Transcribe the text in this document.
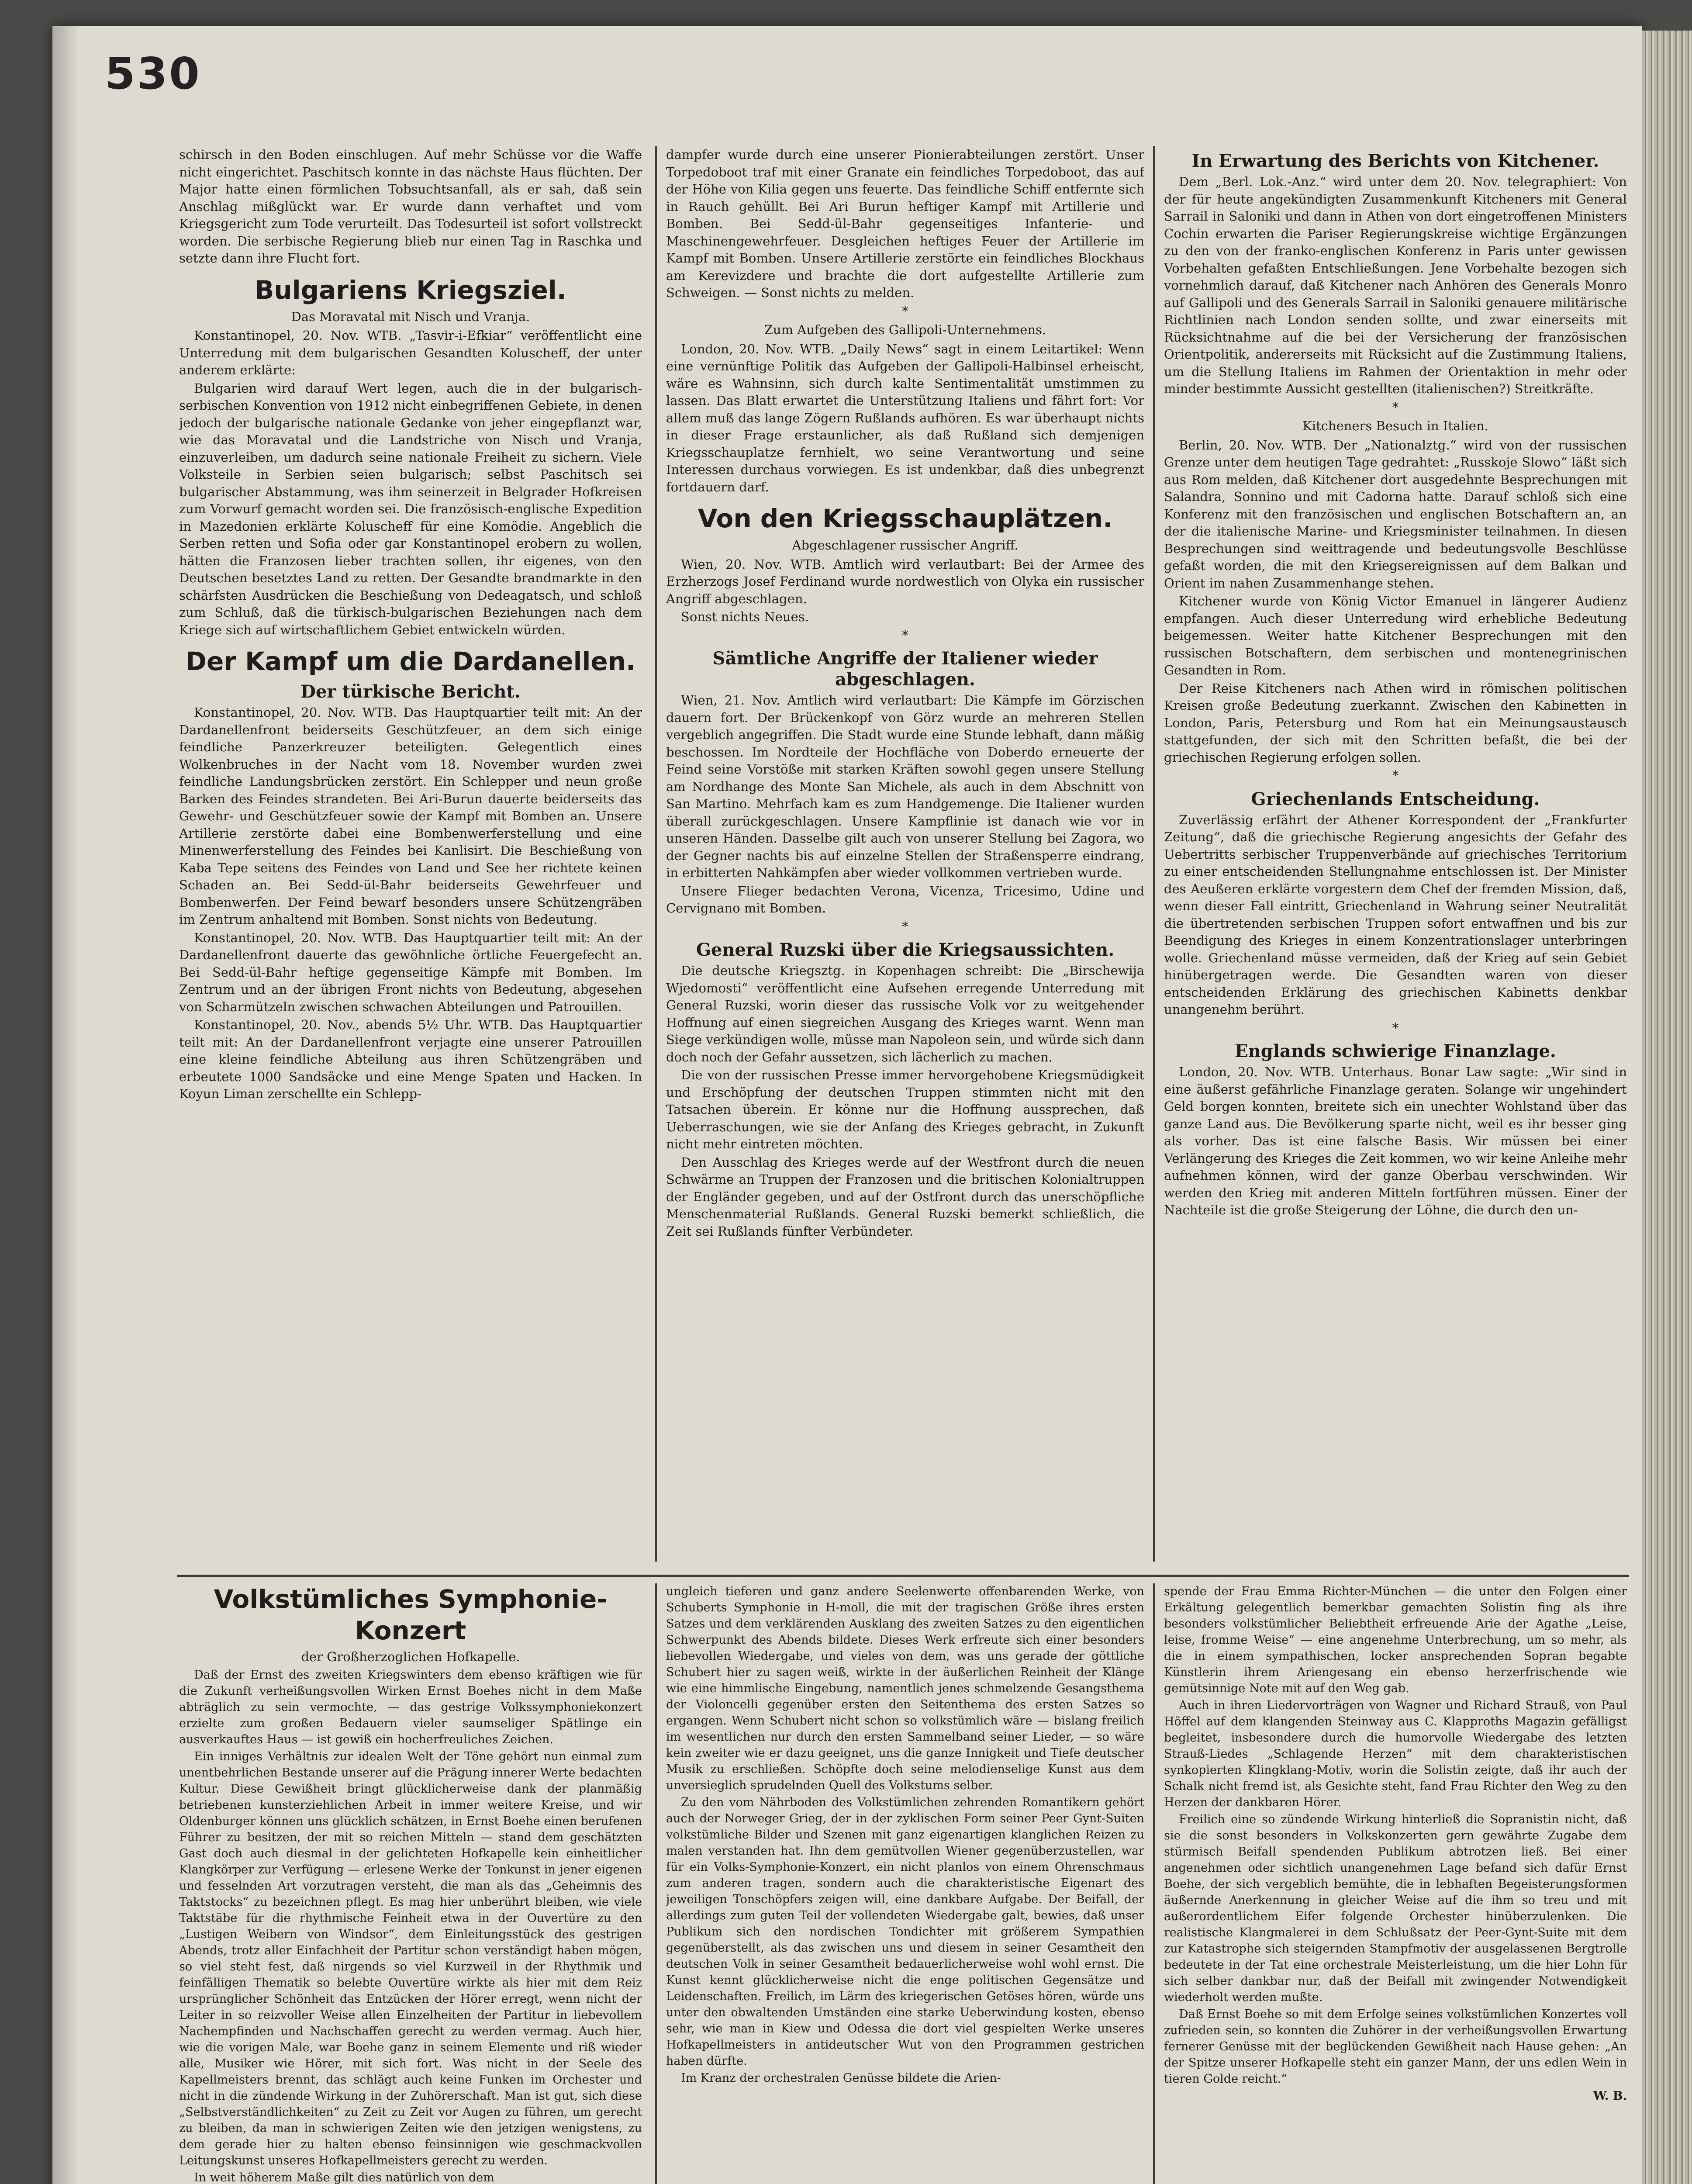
530

schirsch in den Boden einschlugen. Auf mehr Schüsse vor die Waffe nicht eingerichtet. Paschitsch konnte in das nächste Haus flüchten. Der Major hatte einen förmlichen Tobsuchtsanfall, als er sah, daß sein Anschlag mißglückt war. Er wurde dann verhaftet und vom Kriegsgericht zum Tode verurteilt. Das Todesurteil ist sofort vollstreckt worden. Die serbische Regierung blieb nur einen Tag in Raschka und setzte dann ihre Flucht fort.

Bulgariens Kriegsziel.

Das Moravatal mit Nisch und Vranja.

Konstantinopel, 20. Nov. WTB. „Tasvir-i-Efkiar“ veröffentlicht eine Unterredung mit dem bulgarischen Gesandten Koluscheff, der unter anderem erklärte:

Bulgarien wird darauf Wert legen, auch die in der bulgarisch-serbischen Konvention von 1912 nicht einbegriffenen Gebiete, in denen jedoch der bulgarische nationale Gedanke von jeher eingepflanzt war, wie das Moravatal und die Landstriche von Nisch und Vranja, einzuverleiben, um dadurch seine nationale Freiheit zu sichern. Viele Volksteile in Serbien seien bulgarisch; selbst Paschitsch sei bulgarischer Abstammung, was ihm seinerzeit in Belgrader Hofkreisen zum Vorwurf gemacht worden sei. Die französisch-englische Expedition in Mazedonien erklärte Koluscheff für eine Komödie. Angeblich die Serben retten und Sofia oder gar Konstantinopel erobern zu wollen, hätten die Franzosen lieber trachten sollen, ihr eigenes, von den Deutschen besetztes Land zu retten. Der Gesandte brandmarkte in den schärfsten Ausdrücken die Beschießung von Dedeagatsch, und schloß zum Schluß, daß die türkisch-bulgarischen Beziehungen nach dem Kriege sich auf wirtschaftlichem Gebiet entwickeln würden.

Der Kampf um die Dardanellen.

Der türkische Bericht.

Konstantinopel, 20. Nov. WTB. Das Hauptquartier teilt mit: An der Dardanellenfront beiderseits Geschützfeuer, an dem sich einige feindliche Panzerkreuzer beteiligten. Gelegentlich eines Wolkenbruches in der Nacht vom 18. November wurden zwei feindliche Landungsbrücken zerstört. Ein Schlepper und neun große Barken des Feindes strandeten. Bei Ari-Burun dauerte beiderseits das Gewehr- und Geschützfeuer sowie der Kampf mit Bomben an. Unsere Artillerie zerstörte dabei eine Bombenwerferstellung und eine Minenwerferstellung des Feindes bei Kanlisirt. Die Beschießung von Kaba Tepe seitens des Feindes von Land und See her richtete keinen Schaden an. Bei Sedd-ül-Bahr beiderseits Gewehrfeuer und Bombenwerfen. Der Feind bewarf besonders unsere Schützengräben im Zentrum anhaltend mit Bomben. Sonst nichts von Bedeutung.

Konstantinopel, 20. Nov. WTB. Das Hauptquartier teilt mit: An der Dardanellenfront dauerte das gewöhnliche örtliche Feuergefecht an. Bei Sedd-ül-Bahr heftige gegenseitige Kämpfe mit Bomben. Im Zentrum und an der übrigen Front nichts von Bedeutung, abgesehen von Scharmützeln zwischen schwachen Abteilungen und Patrouillen.

Konstantinopel, 20. Nov., abends 5½ Uhr. WTB. Das Hauptquartier teilt mit: An der Dardanellenfront verjagte eine unserer Patrouillen eine kleine feindliche Abteilung aus ihren Schützengräben und erbeutete 1000 Sandsäcke und eine Menge Spaten und Hacken. In Koyun Liman zerschellte ein Schlepp-

dampfer wurde durch eine unserer Pionierabteilungen zerstört. Unser Torpedoboot traf mit einer Granate ein feindliches Torpedoboot, das auf der Höhe von Kilia gegen uns feuerte. Das feindliche Schiff entfernte sich in Rauch gehüllt. Bei Ari Burun heftiger Kampf mit Artillerie und Bomben. Bei Sedd-ül-Bahr gegenseitiges Infanterie- und Maschinengewehrfeuer. Desgleichen heftiges Feuer der Artillerie im Kampf mit Bomben. Unsere Artillerie zerstörte ein feindliches Blockhaus am Kerevizdere und brachte die dort aufgestellte Artillerie zum Schweigen. — Sonst nichts zu melden.

*

Zum Aufgeben des Gallipoli-Unternehmens.

London, 20. Nov. WTB. „Daily News“ sagt in einem Leitartikel: Wenn eine vernünftige Politik das Aufgeben der Gallipoli-Halbinsel erheischt, wäre es Wahnsinn, sich durch kalte Sentimentalität umstimmen zu lassen. Das Blatt erwartet die Unterstützung Italiens und fährt fort: Vor allem muß das lange Zögern Rußlands aufhören. Es war überhaupt nichts in dieser Frage erstaunlicher, als daß Rußland sich demjenigen Kriegsschauplatze fernhielt, wo seine Verantwortung und seine Interessen durchaus vorwiegen. Es ist undenkbar, daß dies unbegrenzt fortdauern darf.

Von den Kriegsschauplätzen.

Abgeschlagener russischer Angriff.

Wien, 20. Nov. WTB. Amtlich wird verlautbart: Bei der Armee des Erzherzogs Josef Ferdinand wurde nordwestlich von Olyka ein russischer Angriff abgeschlagen.

Sonst nichts Neues.

*

Sämtliche Angriffe der Italiener wieder abgeschlagen.

Wien, 21. Nov. Amtlich wird verlautbart: Die Kämpfe im Görzischen dauern fort. Der Brückenkopf von Görz wurde an mehreren Stellen vergeblich angegriffen. Die Stadt wurde eine Stunde lebhaft, dann mäßig beschossen. Im Nordteile der Hochfläche von Doberdo erneuerte der Feind seine Vorstöße mit starken Kräften sowohl gegen unsere Stellung am Nordhange des Monte San Michele, als auch in dem Abschnitt von San Martino. Mehrfach kam es zum Handgemenge. Die Italiener wurden überall zurückgeschlagen. Unsere Kampflinie ist danach wie vor in unseren Händen. Dasselbe gilt auch von unserer Stellung bei Zagora, wo der Gegner nachts bis auf einzelne Stellen der Straßensperre eindrang, in erbitterten Nahkämpfen aber wieder vollkommen vertrieben wurde.

Unsere Flieger bedachten Verona, Vicenza, Tricesimo, Udine und Cervignano mit Bomben.

*

General Ruzski über die Kriegsaussichten.

Die deutsche Kriegsztg. in Kopenhagen schreibt: Die „Birschewija Wjedomosti“ veröffentlicht eine Aufsehen erregende Unterredung mit General Ruzski, worin dieser das russische Volk vor zu weitgehender Hoffnung auf einen siegreichen Ausgang des Krieges warnt. Wenn man Siege verkündigen wolle, müsse man Napoleon sein, und würde sich dann doch noch der Gefahr aussetzen, sich lächerlich zu machen.

Die von der russischen Presse immer hervorgehobene Kriegsmüdigkeit und Erschöpfung der deutschen Truppen stimmten nicht mit den Tatsachen überein. Er könne nur die Hoffnung aussprechen, daß Ueberraschungen, wie sie der Anfang des Krieges gebracht, in Zukunft nicht mehr eintreten möchten.

Den Ausschlag des Krieges werde auf der Westfront durch die neuen Schwärme an Truppen der Franzosen und die britischen Kolonialtruppen der Engländer gegeben, und auf der Ostfront durch das unerschöpfliche Menschenmaterial Rußlands. General Ruzski bemerkt schließlich, die Zeit sei Rußlands fünfter Verbündeter.

In Erwartung des Berichts von Kitchener.

Dem „Berl. Lok.-Anz.“ wird unter dem 20. Nov. telegraphiert: Von der für heute angekündigten Zusammenkunft Kitcheners mit General Sarrail in Saloniki und dann in Athen von dort eingetroffenen Ministers Cochin erwarten die Pariser Regierungskreise wichtige Ergänzungen zu den von der franko-englischen Konferenz in Paris unter gewissen Vorbehalten gefaßten Entschließungen. Jene Vorbehalte bezogen sich vornehmlich darauf, daß Kitchener nach Anhören des Generals Monro auf Gallipoli und des Generals Sarrail in Saloniki genauere militärische Richtlinien nach London senden sollte, und zwar einerseits mit Rücksichtnahme auf die bei der Versicherung der französischen Orientpolitik, andererseits mit Rücksicht auf die Zustimmung Italiens, um die Stellung Italiens im Rahmen der Orientaktion in mehr oder minder bestimmte Aussicht gestellten (italienischen?) Streitkräfte.

*

Kitcheners Besuch in Italien.

Berlin, 20. Nov. WTB. Der „Nationalztg.“ wird von der russischen Grenze unter dem heutigen Tage gedrahtet: „Russkoje Slowo“ läßt sich aus Rom melden, daß Kitchener dort ausgedehnte Besprechungen mit Salandra, Sonnino und mit Cadorna hatte. Darauf schloß sich eine Konferenz mit den französischen und englischen Botschaftern an, an der die italienische Marine- und Kriegsminister teilnahmen. In diesen Besprechungen sind weittragende und bedeutungsvolle Beschlüsse gefaßt worden, die mit den Kriegsereignissen auf dem Balkan und Orient im nahen Zusammenhange stehen.

Kitchener wurde von König Victor Emanuel in längerer Audienz empfangen. Auch dieser Unterredung wird erhebliche Bedeutung beigemessen. Weiter hatte Kitchener Besprechungen mit den russischen Botschaftern, dem serbischen und montenegrinischen Gesandten in Rom.

Der Reise Kitcheners nach Athen wird in römischen politischen Kreisen große Bedeutung zuerkannt. Zwischen den Kabinetten in London, Paris, Petersburg und Rom hat ein Meinungsaustausch stattgefunden, der sich mit den Schritten befaßt, die bei der griechischen Regierung erfolgen sollen.

*

Griechenlands Entscheidung.

Zuverlässig erfährt der Athener Korrespondent der „Frankfurter Zeitung“, daß die griechische Regierung angesichts der Gefahr des Uebertritts serbischer Truppenverbände auf griechisches Territorium zu einer entscheidenden Stellungnahme entschlossen ist. Der Minister des Aeußeren erklärte vorgestern dem Chef der fremden Mission, daß, wenn dieser Fall eintritt, Griechenland in Wahrung seiner Neutralität die übertretenden serbischen Truppen sofort entwaffnen und bis zur Beendigung des Krieges in einem Konzentrationslager unterbringen wolle. Griechenland müsse vermeiden, daß der Krieg auf sein Gebiet hinübergetragen werde. Die Gesandten waren von dieser entscheidenden Erklärung des griechischen Kabinetts denkbar unangenehm berührt.

*

Englands schwierige Finanzlage.

London, 20. Nov. WTB. Unterhaus. Bonar Law sagte: „Wir sind in eine äußerst gefährliche Finanzlage geraten. Solange wir ungehindert Geld borgen konnten, breitete sich ein unechter Wohlstand über das ganze Land aus. Die Bevölkerung sparte nicht, weil es ihr besser ging als vorher. Das ist eine falsche Basis. Wir müssen bei einer Verlängerung des Krieges die Zeit kommen, wo wir keine Anleihe mehr aufnehmen können, wird der ganze Oberbau verschwinden. Wir werden den Krieg mit anderen Mitteln fortführen müssen. Einer der Nachteile ist die große Steigerung der Löhne, die durch den un-

Volkstümliches Symphonie-Konzert

der Großherzoglichen Hofkapelle.

Daß der Ernst des zweiten Kriegswinters dem ebenso kräftigen wie für die Zukunft verheißungsvollen Wirken Ernst Boehes nicht in dem Maße abträglich zu sein vermochte, — das gestrige Volkssymphoniekonzert erzielte zum großen Bedauern vieler saumseliger Spätlinge ein ausverkauftes Haus — ist gewiß ein hocherfreuliches Zeichen.

Ein inniges Verhältnis zur idealen Welt der Töne gehört nun einmal zum unentbehrlichen Bestande unserer auf die Prägung innerer Werte bedachten Kultur. Diese Gewißheit bringt glücklicherweise dank der planmäßig betriebenen kunsterziehlichen Arbeit in immer weitere Kreise, und wir Oldenburger können uns glücklich schätzen, in Ernst Boehe einen berufenen Führer zu besitzen, der mit so reichen Mitteln — stand dem geschätzten Gast doch auch diesmal in der gelichteten Hofkapelle kein einheitlicher Klangkörper zur Verfügung — erlesene Werke der Tonkunst in jener eigenen und fesselnden Art vorzutragen versteht, die man als das „Geheimnis des Taktstocks“ zu bezeichnen pflegt. Es mag hier unberührt bleiben, wie viele Taktstäbe für die rhythmische Feinheit etwa in der Ouvertüre zu den „Lustigen Weibern von Windsor“, dem Einleitungsstück des gestrigen Abends, trotz aller Einfachheit der Partitur schon verständigt haben mögen, so viel steht fest, daß nirgends so viel Kurzweil in der Rhythmik und feinfälligen Thematik so belebte Ouvertüre wirkte als hier mit dem Reiz ursprünglicher Schönheit das Entzücken der Hörer erregt, wenn nicht der Leiter in so reizvoller Weise allen Einzelheiten der Partitur in liebevollem Nachempfinden und Nachschaffen gerecht zu werden vermag. Auch hier, wie die vorigen Male, war Boehe ganz in seinem Elemente und riß wieder alle, Musiker wie Hörer, mit sich fort. Was nicht in der Seele des Kapellmeisters brennt, das schlägt auch keine Funken im Orchester und nicht in die zündende Wirkung in der Zuhörerschaft. Man ist gut, sich diese „Selbstverständlichkeiten“ zu Zeit zu Zeit vor Augen zu führen, um gerecht zu bleiben, da man in schwierigen Zeiten wie den jetzigen wenigstens, zu dem gerade hier zu halten ebenso feinsinnigen wie geschmackvollen Leitungskunst unseres Hofkapellmeisters gerecht zu werden.

In weit höherem Maße gilt dies natürlich von dem

ungleich tieferen und ganz andere Seelenwerte offenbarenden Werke, von Schuberts Symphonie in H-moll, die mit der tragischen Größe ihres ersten Satzes und dem verklärenden Ausklang des zweiten Satzes zu den eigentlichen Schwerpunkt des Abends bildete. Dieses Werk erfreute sich einer besonders liebevollen Wiedergabe, und vieles von dem, was uns gerade der göttliche Schubert hier zu sagen weiß, wirkte in der äußerlichen Reinheit der Klänge wie eine himmlische Eingebung, namentlich jenes schmelzende Gesangsthema der Violoncelli gegenüber ersten den Seitenthema des ersten Satzes so ergangen. Wenn Schubert nicht schon so volkstümlich wäre — bislang freilich im wesentlichen nur durch den ersten Sammelband seiner Lieder, — so wäre kein zweiter wie er dazu geeignet, uns die ganze Innigkeit und Tiefe deutscher Musik zu erschließen. Schöpfte doch seine melodienselige Kunst aus dem unversieglich sprudelnden Quell des Volkstums selber.

Zu den vom Nährboden des Volkstümlichen zehrenden Romantikern gehört auch der Norweger Grieg, der in der zyklischen Form seiner Peer Gynt-Suiten volkstümliche Bilder und Szenen mit ganz eigenartigen klanglichen Reizen zu malen verstanden hat. Ihn dem gemütvollen Wiener gegenüberzustellen, war für ein Volks-Symphonie-Konzert, ein nicht planlos von einem Ohrenschmaus zum anderen tragen, sondern auch die charakteristische Eigenart des jeweiligen Tonschöpfers zeigen will, eine dankbare Aufgabe. Der Beifall, der allerdings zum guten Teil der vollendeten Wiedergabe galt, bewies, daß unser Publikum sich den nordischen Tondichter mit größerem Sympathien gegenüberstellt, als das zwischen uns und diesem in seiner Gesamtheit den deutschen Volk in seiner Gesamtheit bedauerlicherweise wohl wohl ernst. Die Kunst kennt glücklicherweise nicht die enge politischen Gegensätze und Leidenschaften. Freilich, im Lärm des kriegerischen Getöses hören, würde uns unter den obwaltenden Umständen eine starke Ueberwindung kosten, ebenso sehr, wie man in Kiew und Odessa die dort viel gespielten Werke unseres Hofkapellmeisters in antideutscher Wut von den Programmen gestrichen haben dürfte.

Im Kranz der orchestralen Genüsse bildete die Arien-

spende der Frau Emma Richter-München — die unter den Folgen einer Erkältung gelegentlich bemerkbar gemachten Solistin fing als ihre besonders volkstümlicher Beliebtheit erfreuende Arie der Agathe „Leise, leise, fromme Weise“ — eine angenehme Unterbrechung, um so mehr, als die in einem sympathischen, locker ansprechenden Sopran begabte Künstlerin ihrem Ariengesang ein ebenso herzerfrischende wie gemütsinnige Note mit auf den Weg gab.

Auch in ihren Liedervorträgen von Wagner und Richard Strauß, von Paul Höffel auf dem klangenden Steinway aus C. Klapproths Magazin gefälligst begleitet, insbesondere durch die humorvolle Wiedergabe des letzten Strauß-Liedes „Schlagende Herzen“ mit dem charakteristischen synkopierten Klingklang-Motiv, worin die Solistin zeigte, daß ihr auch der Schalk nicht fremd ist, als Gesichte steht, fand Frau Richter den Weg zu den Herzen der dankbaren Hörer.

Freilich eine so zündende Wirkung hinterließ die Sopranistin nicht, daß sie die sonst besonders in Volkskonzerten gern gewährte Zugabe dem stürmisch Beifall spendenden Publikum abtrotzen ließ. Bei einer angenehmen oder sichtlich unangenehmen Lage befand sich dafür Ernst Boehe, der sich vergeblich bemühte, die in lebhaften Begeisterungsformen äußernde Anerkennung in gleicher Weise auf die ihm so treu und mit außerordentlichem Eifer folgende Orchester hinüberzulenken. Die realistische Klangmalerei in dem Schlußsatz der Peer-Gynt-Suite mit dem zur Katastrophe sich steigernden Stampfmotiv der ausgelassenen Bergtrolle bedeutete in der Tat eine orchestrale Meisterleistung, um die hier Lohn für sich selber dankbar nur, daß der Beifall mit zwingender Notwendigkeit wiederholt werden mußte.

Daß Ernst Boehe so mit dem Erfolge seines volkstümlichen Konzertes voll zufrieden sein, so konnten die Zuhörer in der verheißungsvollen Erwartung fernerer Genüsse mit der beglückenden Gewißheit nach Hause gehen: „An der Spitze unserer Hofkapelle steht ein ganzer Mann, der uns edlen Wein in tieren Golde reicht.“

W. B.
